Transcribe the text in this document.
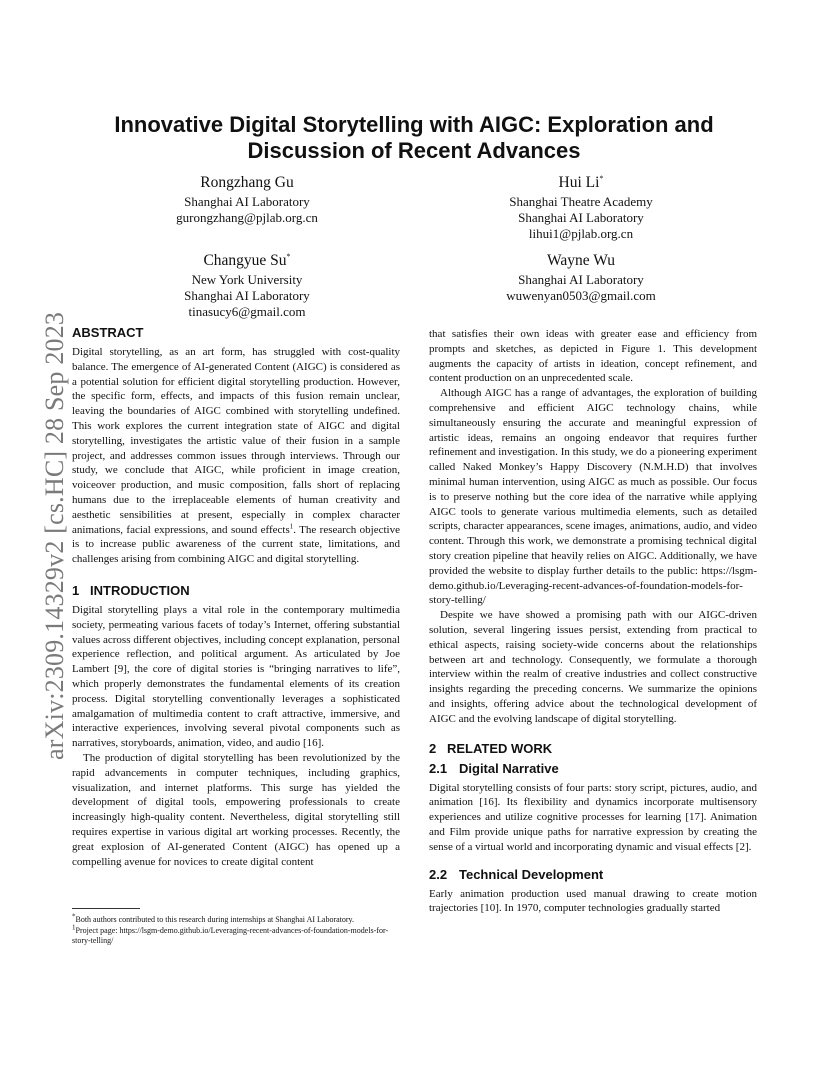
arXiv:2309.14329v2 [cs.HC] 28 Sep 2023
Innovative Digital Storytelling with AIGC: Exploration and Discussion of Recent Advances
Rongzhang Gu
Shanghai AI Laboratory
gurongzhang@pjlab.org.cn
Hui Li*
Shanghai Theatre Academy
Shanghai AI Laboratory
lihui1@pjlab.org.cn
Changyue Su*
New York University
Shanghai AI Laboratory
tinasucy6@gmail.com
Wayne Wu
Shanghai AI Laboratory
wuwenyan0503@gmail.com
ABSTRACT

Digital storytelling, as an art form, has struggled with cost-quality balance. The emergence of AI-generated Content (AIGC) is considered as a potential solution for efficient digital storytelling production. However, the specific form, effects, and impacts of this fusion remain unclear, leaving the boundaries of AIGC combined with storytelling undefined. This work explores the current integration state of AIGC and digital storytelling, investigates the artistic value of their fusion in a sample project, and addresses common issues through interviews. Through our study, we conclude that AIGC, while proficient in image creation, voiceover production, and music composition, falls short of replacing humans due to the irreplaceable elements of human creativity and aesthetic sensibilities at present, especially in complex character animations, facial expressions, and sound effects$^1$. The research objective is to increase public awareness of the current state, limitations, and challenges arising from combining AIGC and digital storytelling.

1 INTRODUCTION

Digital storytelling plays a vital role in the contemporary multimedia society, permeating various facets of today’s Internet, offering substantial values across different objectives, including concept explanation, personal experience reflection, and political argument. As articulated by Joe Lambert [9], the core of digital stories is “bringing narratives to life”, which properly demonstrates the fundamental elements of its creation process. Digital storytelling conventionally leverages a sophisticated amalgamation of multimedia content to craft attractive, immersive, and interactive experiences, involving several pivotal components such as narratives, storyboards, animation, video, and audio [16].

The production of digital storytelling has been revolutionized by the rapid advancements in computer techniques, including graphics, visualization, and internet platforms. This surge has yielded the development of digital tools, empowering professionals to create increasingly high-quality content. Nevertheless, digital storytelling still requires expertise in various digital art working processes. Recently, the great explosion of AI-generated Content (AIGC) has opened up a compelling avenue for novices to create digital content

*Both authors contributed to this research during internships at Shanghai AI Laboratory.

$^1$Project page: https://lsgm-demo.github.io/Leveraging-recent-advances-of-foundation-models-for-story-telling/

that satisfies their own ideas with greater ease and efficiency from prompts and sketches, as depicted in Figure 1. This development augments the capacity of artists in ideation, concept refinement, and content production on an unprecedented scale.

Although AIGC has a range of advantages, the exploration of building comprehensive and efficient AIGC technology chains, while simultaneously ensuring the accurate and meaningful expression of artistic ideas, remains an ongoing endeavor that requires further refinement and investigation. In this study, we do a pioneering experiment called Naked Monkey’s Happy Discovery (N.M.H.D) that involves minimal human intervention, using AIGC as much as possible. Our focus is to preserve nothing but the core idea of the narrative while applying AIGC tools to generate various multimedia elements, such as detailed scripts, character appearances, scene images, animations, audio, and video content. Through this work, we demonstrate a promising technical digital story creation pipeline that heavily relies on AIGC. Additionally, we have provided the website to display further details to the public: https://lsgm-demo.github.io/Leveraging-recent-advances-of-foundation-models-for-story-telling/

Despite we have showed a promising path with our AIGC-driven solution, several lingering issues persist, extending from practical to ethical aspects, raising society-wide concerns about the relationships between art and technology. Consequently, we formulate a thorough interview within the realm of creative industries and collect constructive insights regarding the preceding concerns. We summarize the opinions and insights, offering advice about the technological development of AIGC and the evolving landscape of digital storytelling.

2 RELATED WORK
2.1 Digital Narrative

Digital storytelling consists of four parts: story script, pictures, audio, and animation [16]. Its flexibility and dynamics incorporate multisensory experiences and utilize cognitive processes for learning [17]. Animation and Film provide unique paths for narrative expression by creating the sense of a virtual world and incorporating dynamic and visual effects [2].

2.2 Technical Development

Early animation production used manual drawing to create motion trajectories [10]. In 1970, computer technologies gradually started
